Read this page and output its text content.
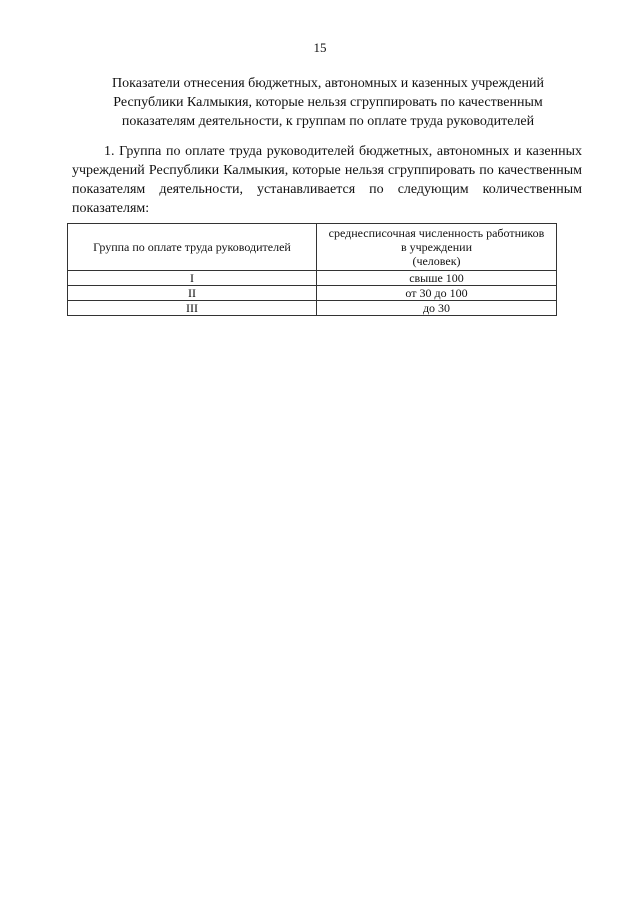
15
Показатели отнесения бюджетных, автономных и казенных учреждений
Республики Калмыкия, которые нельзя сгруппировать по качественным
показателям деятельности, к группам по оплате труда руководителей
1. Группа по оплате труда руководителей бюджетных, автономных и казенных учреждений Республики Калмыкия, которые нельзя сгруппировать по качественным показателям деятельности, устанавливается по следующим количественным показателям:
Группа по оплате труда руководителей	среднесписочная численность работников
в учреждении
(человек)

I	свыше 100
II	от 30 до 100
III	до 30
